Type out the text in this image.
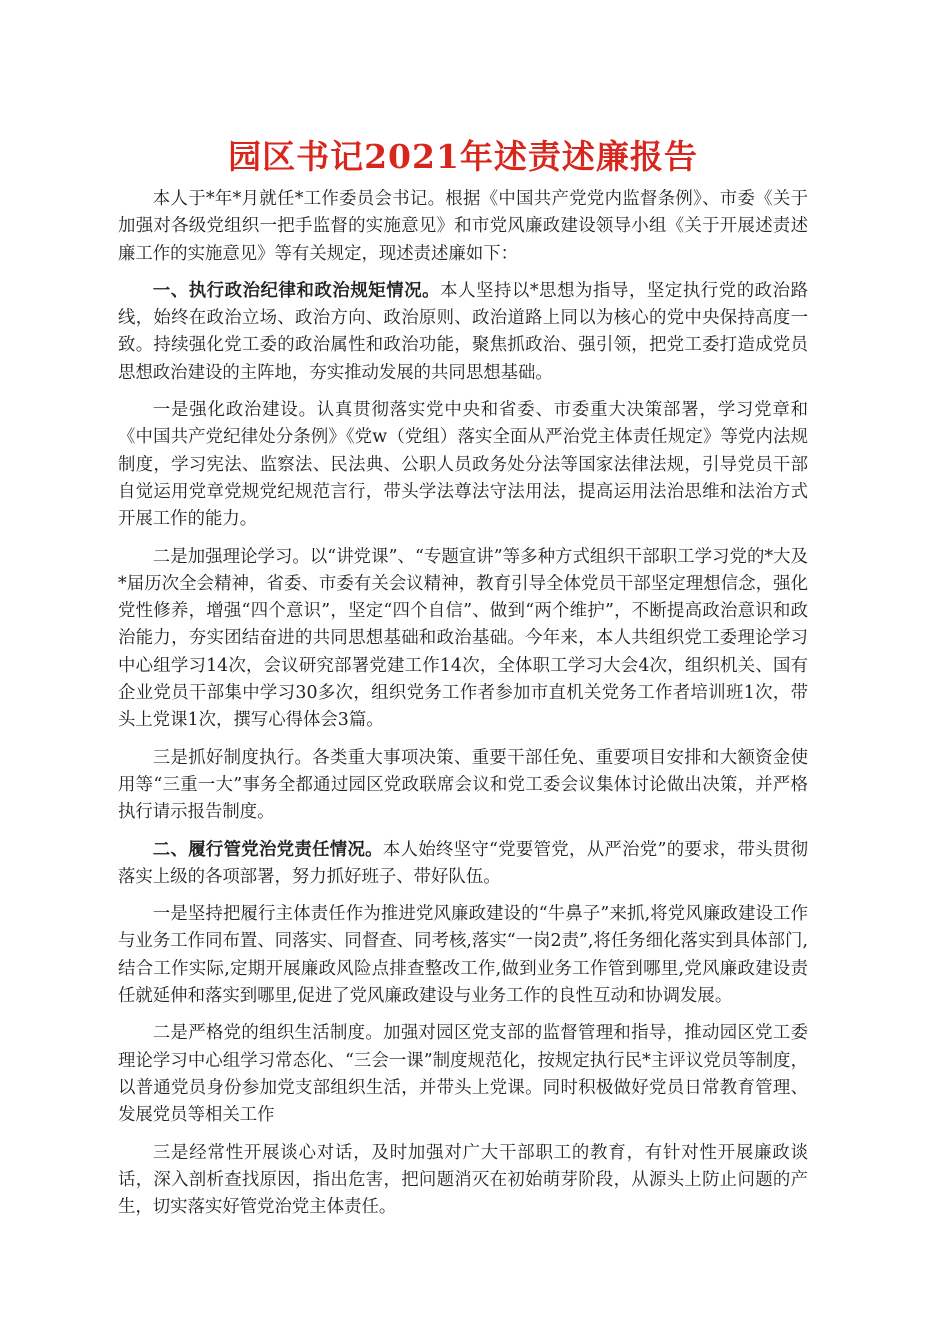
园区书记2021年述责述廉报告

本人于*年*月就任*工作委员会书记。根据《中国共产党党内监督条例》、市委《关于加强对各级党组织一把手监督的实施意见》和市党风廉政建设领导小组《关于开展述责述廉工作的实施意见》等有关规定，现述责述廉如下：

一、执行政治纪律和政治规矩情况。本人坚持以*思想为指导，坚定执行党的政治路线，始终在政治立场、政治方向、政治原则、政治道路上同以为核心的党中央保持高度一致。持续强化党工委的政治属性和政治功能，聚焦抓政治、强引领，把党工委打造成党员思想政治建设的主阵地，夯实推动发展的共同思想基础。

一是强化政治建设。认真贯彻落实党中央和省委、市委重大决策部署，学习党章和《中国共产党纪律处分条例》《党w（党组）落实全面从严治党主体责任规定》等党内法规制度，学习宪法、监察法、民法典、公职人员政务处分法等国家法律法规，引导党员干部自觉运用党章党规党纪规范言行，带头学法尊法守法用法，提高运用法治思维和法治方式开展工作的能力。

二是加强理论学习。以“讲党课”、“专题宣讲”等多种方式组织干部职工学习党的*大及*届历次全会精神，省委、市委有关会议精神，教育引导全体党员干部坚定理想信念，强化党性修养，增强“四个意识”，坚定“四个自信”、做到“两个维护”，不断提高政治意识和政治能力，夯实团结奋进的共同思想基础和政治基础。今年来，本人共组织党工委理论学习中心组学习14次，会议研究部署党建工作14次，全体职工学习大会4次，组织机关、国有企业党员干部集中学习30多次，组织党务工作者参加市直机关党务工作者培训班1次，带头上党课1次，撰写心得体会3篇。

三是抓好制度执行。各类重大事项决策、重要干部任免、重要项目安排和大额资金使用等“三重一大”事务全都通过园区党政联席会议和党工委会议集体讨论做出决策，并严格执行请示报告制度。

二、履行管党治党责任情况。本人始终坚守“党要管党，从严治党”的要求，带头贯彻落实上级的各项部署，努力抓好班子、带好队伍。

一是坚持把履行主体责任作为推进党风廉政建设的“牛鼻子”来抓,将党风廉政建设工作与业务工作同布置、同落实、同督查、同考核,落实“一岗2责”,将任务细化落实到具体部门,结合工作实际,定期开展廉政风险点排查整改工作,做到业务工作管到哪里,党风廉政建设责任就延伸和落实到哪里,促进了党风廉政建设与业务工作的良性互动和协调发展。

二是严格党的组织生活制度。加强对园区党支部的监督管理和指导，推动园区党工委理论学习中心组学习常态化、“三会一课”制度规范化，按规定执行民*主评议党员等制度，以普通党员身份参加党支部组织生活，并带头上党课。同时积极做好党员日常教育管理、发展党员等相关工作

三是经常性开展谈心对话，及时加强对广大干部职工的教育，有针对性开展廉政谈话，深入剖析查找原因，指出危害，把问题消灭在初始萌芽阶段，从源头上防止问题的产生，切实落实好管党治党主体责任。
